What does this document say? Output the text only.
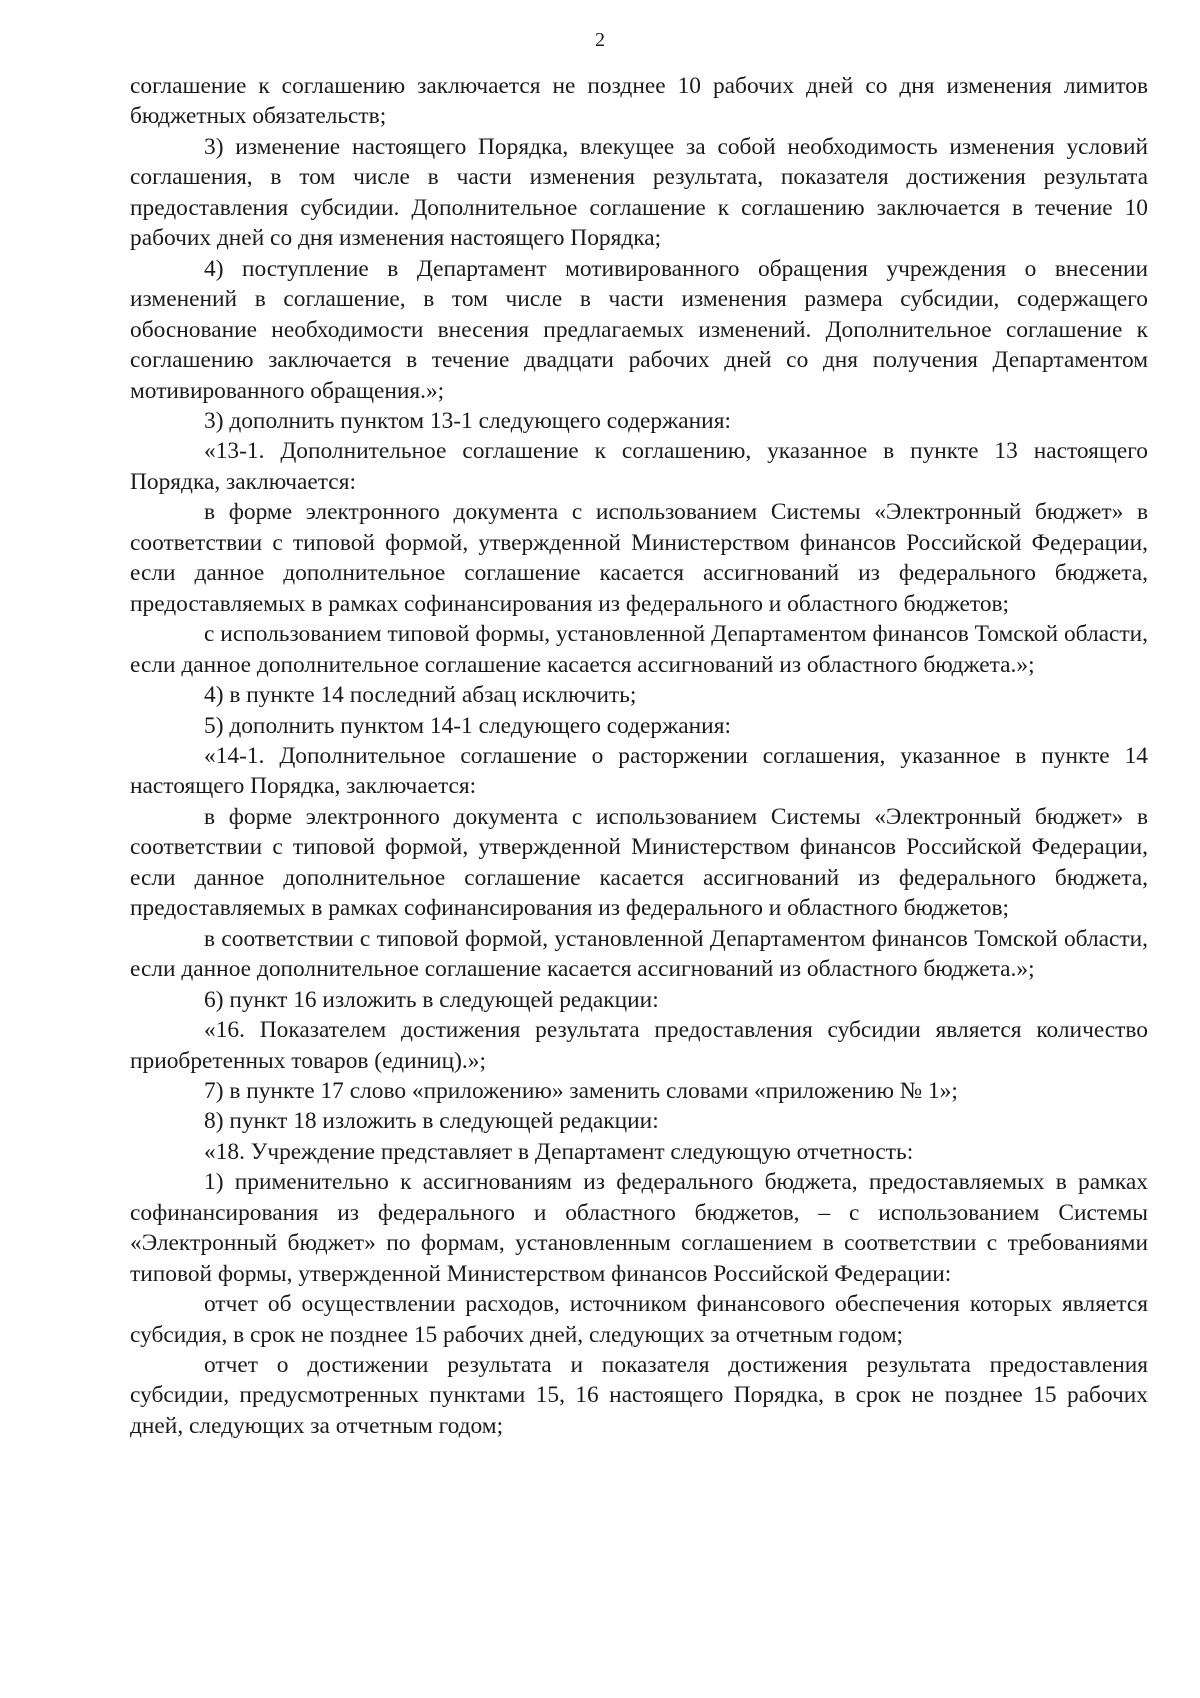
2

соглашение к соглашению заключается не позднее 10 рабочих дней со дня изменения лимитов бюджетных обязательств;

3) изменение настоящего Порядка, влекущее за собой необходимость изменения условий соглашения, в том числе в части изменения результата, показателя достижения результата предоставления субсидии. Дополнительное соглашение к соглашению заключается в течение 10 рабочих дней со дня изменения настоящего Порядка;

4) поступление в Департамент мотивированного обращения учреждения о внесении изменений в соглашение, в том числе в части изменения размера субсидии, содержащего обоснование необходимости внесения предлагаемых изменений. Дополнительное соглашение к соглашению заключается в течение двадцати рабочих дней со дня получения Департаментом мотивированного обращения.»;

3) дополнить пунктом 13-1 следующего содержания:

«13-1. Дополнительное соглашение к соглашению, указанное в пункте 13 настоящего Порядка, заключается:

в форме электронного документа с использованием Системы «Электронный бюджет» в соответствии с типовой формой, утвержденной Министерством финансов Российской Федерации, если данное дополнительное соглашение касается ассигнований из федерального бюджета, предоставляемых в рамках софинансирования из федерального и областного бюджетов;

с использованием типовой формы, установленной Департаментом финансов Томской области, если данное дополнительное соглашение касается ассигнований из областного бюджета.»;

4) в пункте 14 последний абзац исключить;

5) дополнить пунктом 14-1 следующего содержания:

«14-1. Дополнительное соглашение о расторжении соглашения, указанное в пункте 14 настоящего Порядка, заключается:

в форме электронного документа с использованием Системы «Электронный бюджет» в соответствии с типовой формой, утвержденной Министерством финансов Российской Федерации, если данное дополнительное соглашение касается ассигнований из федерального бюджета, предоставляемых в рамках софинансирования из федерального и областного бюджетов;

в соответствии с типовой формой, установленной Департаментом финансов Томской области, если данное дополнительное соглашение касается ассигнований из областного бюджета.»;

6) пункт 16 изложить в следующей редакции:

«16. Показателем достижения результата предоставления субсидии является количество приобретенных товаров (единиц).»;

7) в пункте 17 слово «приложению» заменить словами «приложению № 1»;

8) пункт 18 изложить в следующей редакции:

«18. Учреждение представляет в Департамент следующую отчетность:

1) применительно к ассигнованиям из федерального бюджета, предоставляемых в рамках софинансирования из федерального и областного бюджетов, – с использованием Системы «Электронный бюджет» по формам, установленным соглашением в соответствии с требованиями типовой формы, утвержденной Министерством финансов Российской Федерации:

отчет об осуществлении расходов, источником финансового обеспечения которых является субсидия, в срок не позднее 15 рабочих дней, следующих за отчетным годом;

отчет о достижении результата и показателя достижения результата предоставления субсидии, предусмотренных пунктами 15, 16 настоящего Порядка, в срок не позднее 15 рабочих дней, следующих за отчетным годом;
